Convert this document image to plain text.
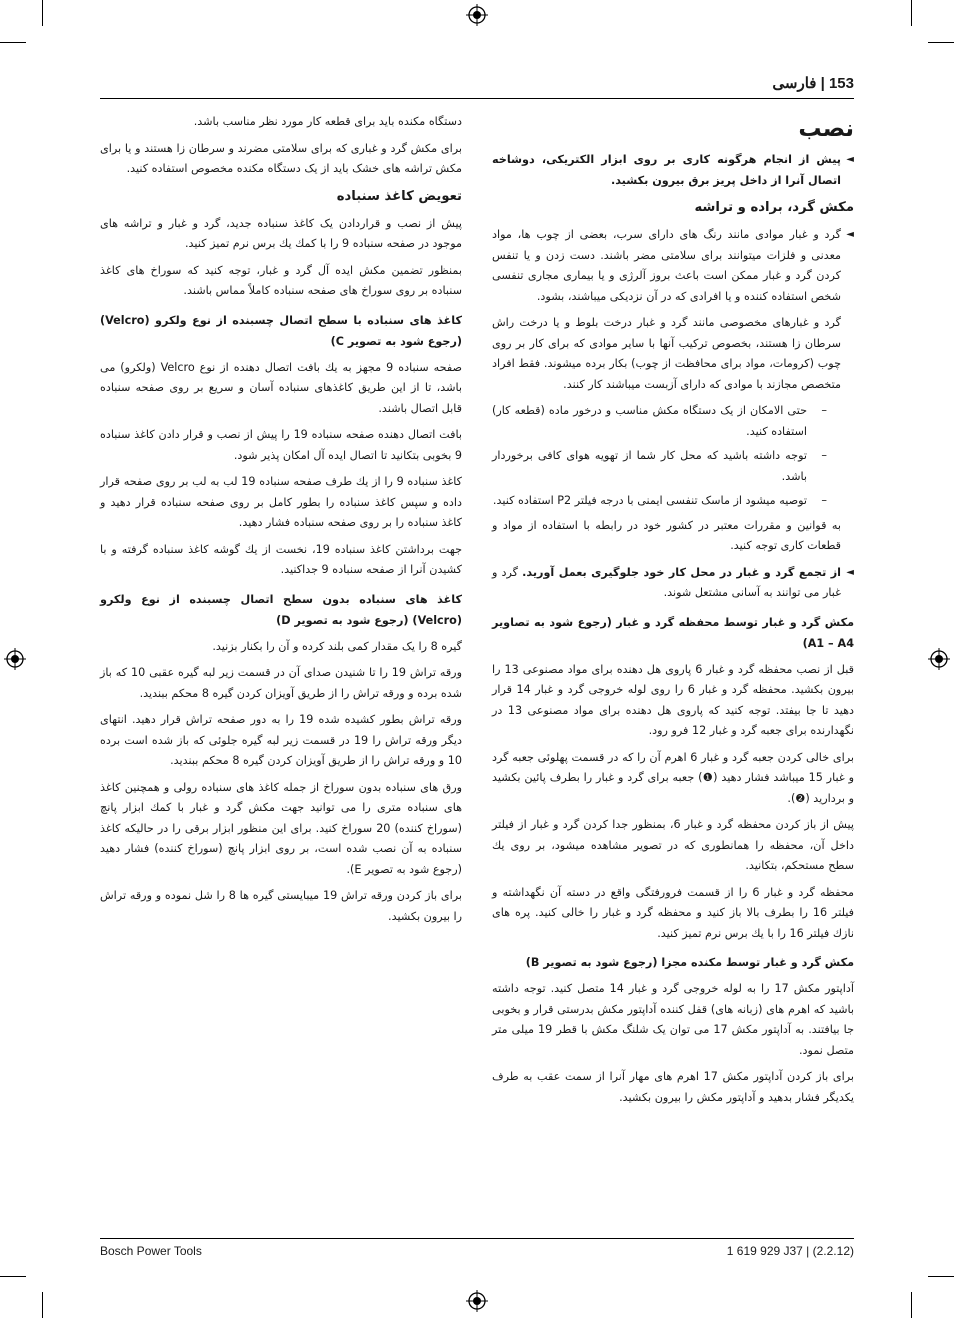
153 | فارسی
نصب
◄
پیش از انجام هرگونه کاری بر روی ابزار الکتریکی، دوشاخه اتصال آنرا از داخل پریز برق بیرون بکشید.
مکش گرد، براده و تراشه
◄

گرد و غبار موادی مانند رنگ های دارای سرب، بعضی از چوب ها، مواد معدنی و فلزات میتوانند برای سلامتی مضر باشند. دست زدن و یا تنفس کردن گرد و غبار ممکن است باعث بروز آلرژی و یا بیماری مجاری تنفسی شخص استفاده کننده و یا افرادی که در آن نزدیکی میباشند، بشود.

گرد و غبارهای مخصوصی مانند گرد و غبار درخت بلوط و یا درخت راش سرطان زا هستند، بخصوص ترکیب آنها با سایر موادی که برای کار بر روی چوب (کرومات، مواد برای محافظت از چوب) بکار برده میشوند. فقط افراد متخصص مجازند با موادی که دارای آزبست میباشند کار کنند.

–
حتی الامکان از یک دستگاه مکش مناسب و درخور ماده (قطعه کار) استفاده کنید.
–
توجه داشته باشید که محل کار شما از تهویه هوای کافی برخوردار باشد.
–
توصیه میشود از ماسک تنفسی ایمنی با درجه فیلتر P2 استفاده کنید.

به قوانین و مقررات معتبر در کشور خود در رابطه با استفاده از مواد و قطعات کاری توجه کنید.

◄
از تجمع گرد و غبار در محل کار خود جلوگیری بعمل آورید. گرد و غبار می توانند به آسانی مشتعل شوند.
مکش گرد و غبار توسط محفظه گرد و غبار (رجوع شود به تصاویر A1 – A4)

قبل از نصب محفظه گرد و غبار 6 پاروی هل دهنده برای مواد مصنوعی 13 را بیرون بکشید. محفظه گرد و غبار 6 را روی لوله خروجی گرد و غبار 14 قرار دهید تا جا بیفتد. توجه کنید که پاروی هل دهنده برای مواد مصنوعی 13 در نگهدارنده برای جعبه گرد و غبار 12 فرو رود.

برای خالی کردن جعبه گرد و غبار 6 اهرم آن را که در قسمت پهلوئی جعبه گرد و غبار 15 میباشد فشار دهید (❶) جعبه برای گرد و غبار را بطرف پائین بکشید و بردارید (❷).

پیش از باز کردن محفظه گرد و غبار 6، بمنظور جدا کردن گرد و غبار از فیلتر داخل آن، محفظه را همانطوری که در تصویر مشاهده میشود، بر روی یك سطح مستحکم، بتکانید.

محفظه گرد و غبار 6 را از قسمت فرورفتگی واقع در دسته آن نگهداشته و فیلتر 16 را بطرف بالا باز کنید و محفظه گرد و غبار را خالی کنید. پره های نازك فیلتر 16 را با یك برس نرم تمیز کنید.

مکش گرد و غبار توسط مکنده مجزا (رجوع شود به تصویر B)

آداپتور مکش 17 را به لوله خروجی گرد و غبار 14 متصل کنید. توجه داشته باشید که اهرم های (زبانه های) قفل کننده آداپتور مکش بدرستی قرار و بخوبی جا بیافتند. به آداپتور مکش 17 می توان یک شلنگ مکش با قطر 19 میلی متر متصل نمود.

برای باز کردن آداپتور مکش 17 اهرم های مهار آنرا از سمت عقب به طرف یکدیگر فشار بدهید و آداپتور مکش را بیرون بکشید.

دستگاه مکنده باید برای قطعه کار مورد نظر مناسب باشد.

برای مکش گرد و غباری که برای سلامتی مضرند و سرطان زا هستند و یا برای مکش تراشه های خشک باید از یک دستگاه مکنده مخصوص استفاده کنید.

تعویض کاغذ سنباده

پیش از نصب و قراردادن یک کاغذ سنباده جدید، گرد و غبار و تراشه های موجود در صفحه سنباده 9 را با کمك یك برس نرم تمیز کنید.

بمنظور تضمین مکش ایده آل گرد و غبار، توجه کنید که سوراخ های کاغذ سنباده بر روی سوراخ های صفحه سنباده کاملاً مماس باشند.

کاغذ های سنباده با سطح اتصال چسبنده از نوع ولکرو (Velcro) (رجوع شود به تصویر C)

صفحه سنباده 9 مجهز به یك بافت اتصال دهنده از نوع Velcro (ولکرو) می باشد، تا از این طریق کاغذهای سنباده آسان و سریع بر روی صفحه سنباده قابل اتصال باشند.

بافت اتصال دهنده صفحه سنباده 19 را پیش از نصب و قرار دادن کاغذ سنباده 9 بخوبی بتکانید تا اتصال ایده آل امکان پذیر شود.

کاغذ سنباده 9 را از یك طرف صفحه سنباده 19 لب به لب بر روی صفحه قرار داده و سپس کاغذ سنباده را بطور کامل بر روی صفحه سنباده قرار دهید و کاغذ سنباده را بر روی صفحه سنباده فشار دهید.

جهت برداشتن کاغذ سنباده 19، نخست از یك گوشه کاغذ سنباده گرفته و با کشیدن آنرا از صفحه سنباده 9 جداکنید.

کاغذ های سنباده بدون سطح اتصال چسبنده از نوع ولکرو (Velcro) (رجوع شود به تصویر D)

گیره 8 را یک مقدار کمی بلند کرده و آن را بکنار بزنید.

ورقه تراش 19 را تا شنیدن صدای آن در قسمت زیر لبه گیره عقبی 10 که باز شده برده و ورقه تراش را از طریق آویزان کردن گیره 8 محکم ببندید.

ورقه تراش بطور کشیده شده 19 را به دور صفحه تراش قرار دهید. انتهای دیگر ورقه تراش را 19 در قسمت زیر لبه گیره جلوئی که باز شده است برده 10 و ورقه تراش را از طریق آویزان کردن گیره 8 محکم ببندید.

ورق های سنباده بدون سوراخ از جمله کاغذ های سنباده رولی و همچنین کاغذ های سنباده متری را می توانید جهت مکش گرد و غبار با کمك ابزار پانچ (سوراخ کننده) 20 سوراخ کنید. برای این منظور ابزار برقی را در حالیکه کاغذ سنباده به آن نصب شده است، بر روی ابزار پانچ (سوراخ کننده) فشار دهید (رجوع شود به تصویر E).

برای باز کردن ورقه تراش 19 میبایستی گیره ها 8 را شل نموده و ورقه تراش را بیرون بکشید.

Bosch Power Tools	1 619 929 J37 | (2.2.12)
